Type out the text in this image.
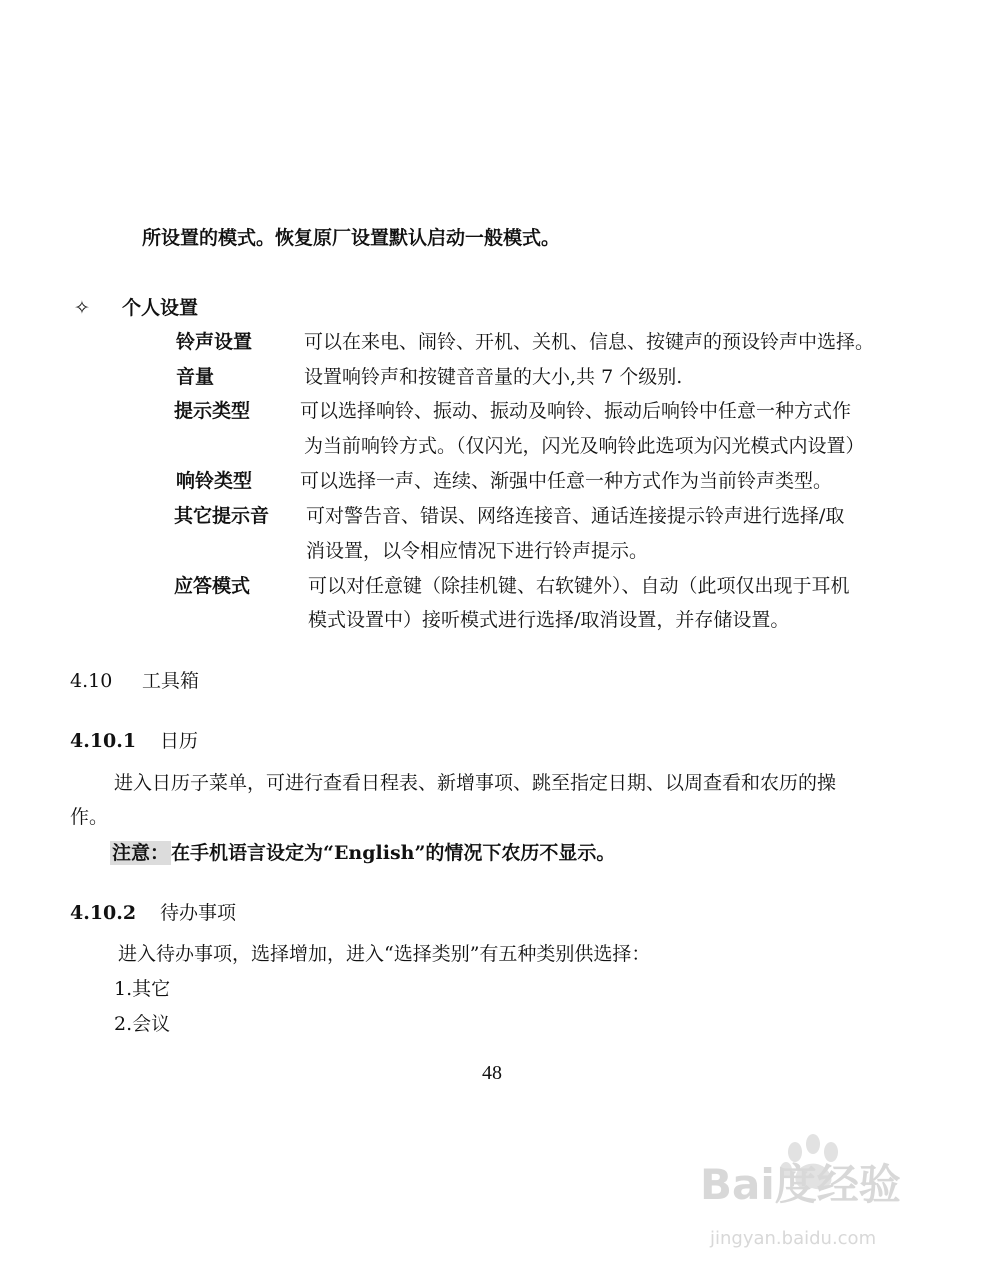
所设置的模式。恢复原厂设置默认启动一般模式。
✧ 个人设置
铃声设置	可以在来电、闹铃、开机、关机、信息、按键声的预设铃声中选择。
音量	设置响铃声和按键音音量的大小,共 7 个级别.
提示类型	可以选择响铃、振动、振动及响铃、振动后响铃中任意一种方式作
为当前响铃方式。（仅闪光，闪光及响铃此选项为闪光模式内设置）
响铃类型	可以选择一声、连续、渐强中任意一种方式作为当前铃声类型。
其它提示音 可对警告音、错误、网络连接音、通话连接提示铃声进行选择/取
消设置，以令相应情况下进行铃声提示。
应答模式	可以对任意键（除挂机键、右软键外）、自动（此项仅出现于耳机
模式设置中）接听模式进行选择/取消设置，并存储设置。
4.10 工具箱
4.10.1 日历
进入日历子菜单，可进行查看日程表、新增事项、跳至指定日期、以周查看和农历的操
作。
注意： 在手机语言设定为“English”的情况下农历不显示。
4.10.2 待办事项
进入待办事项，选择增加，进入“选择类别”有五种类别供选择：
1.其它
2.会议
48
Bai度经验
jingyan.baidu.com
